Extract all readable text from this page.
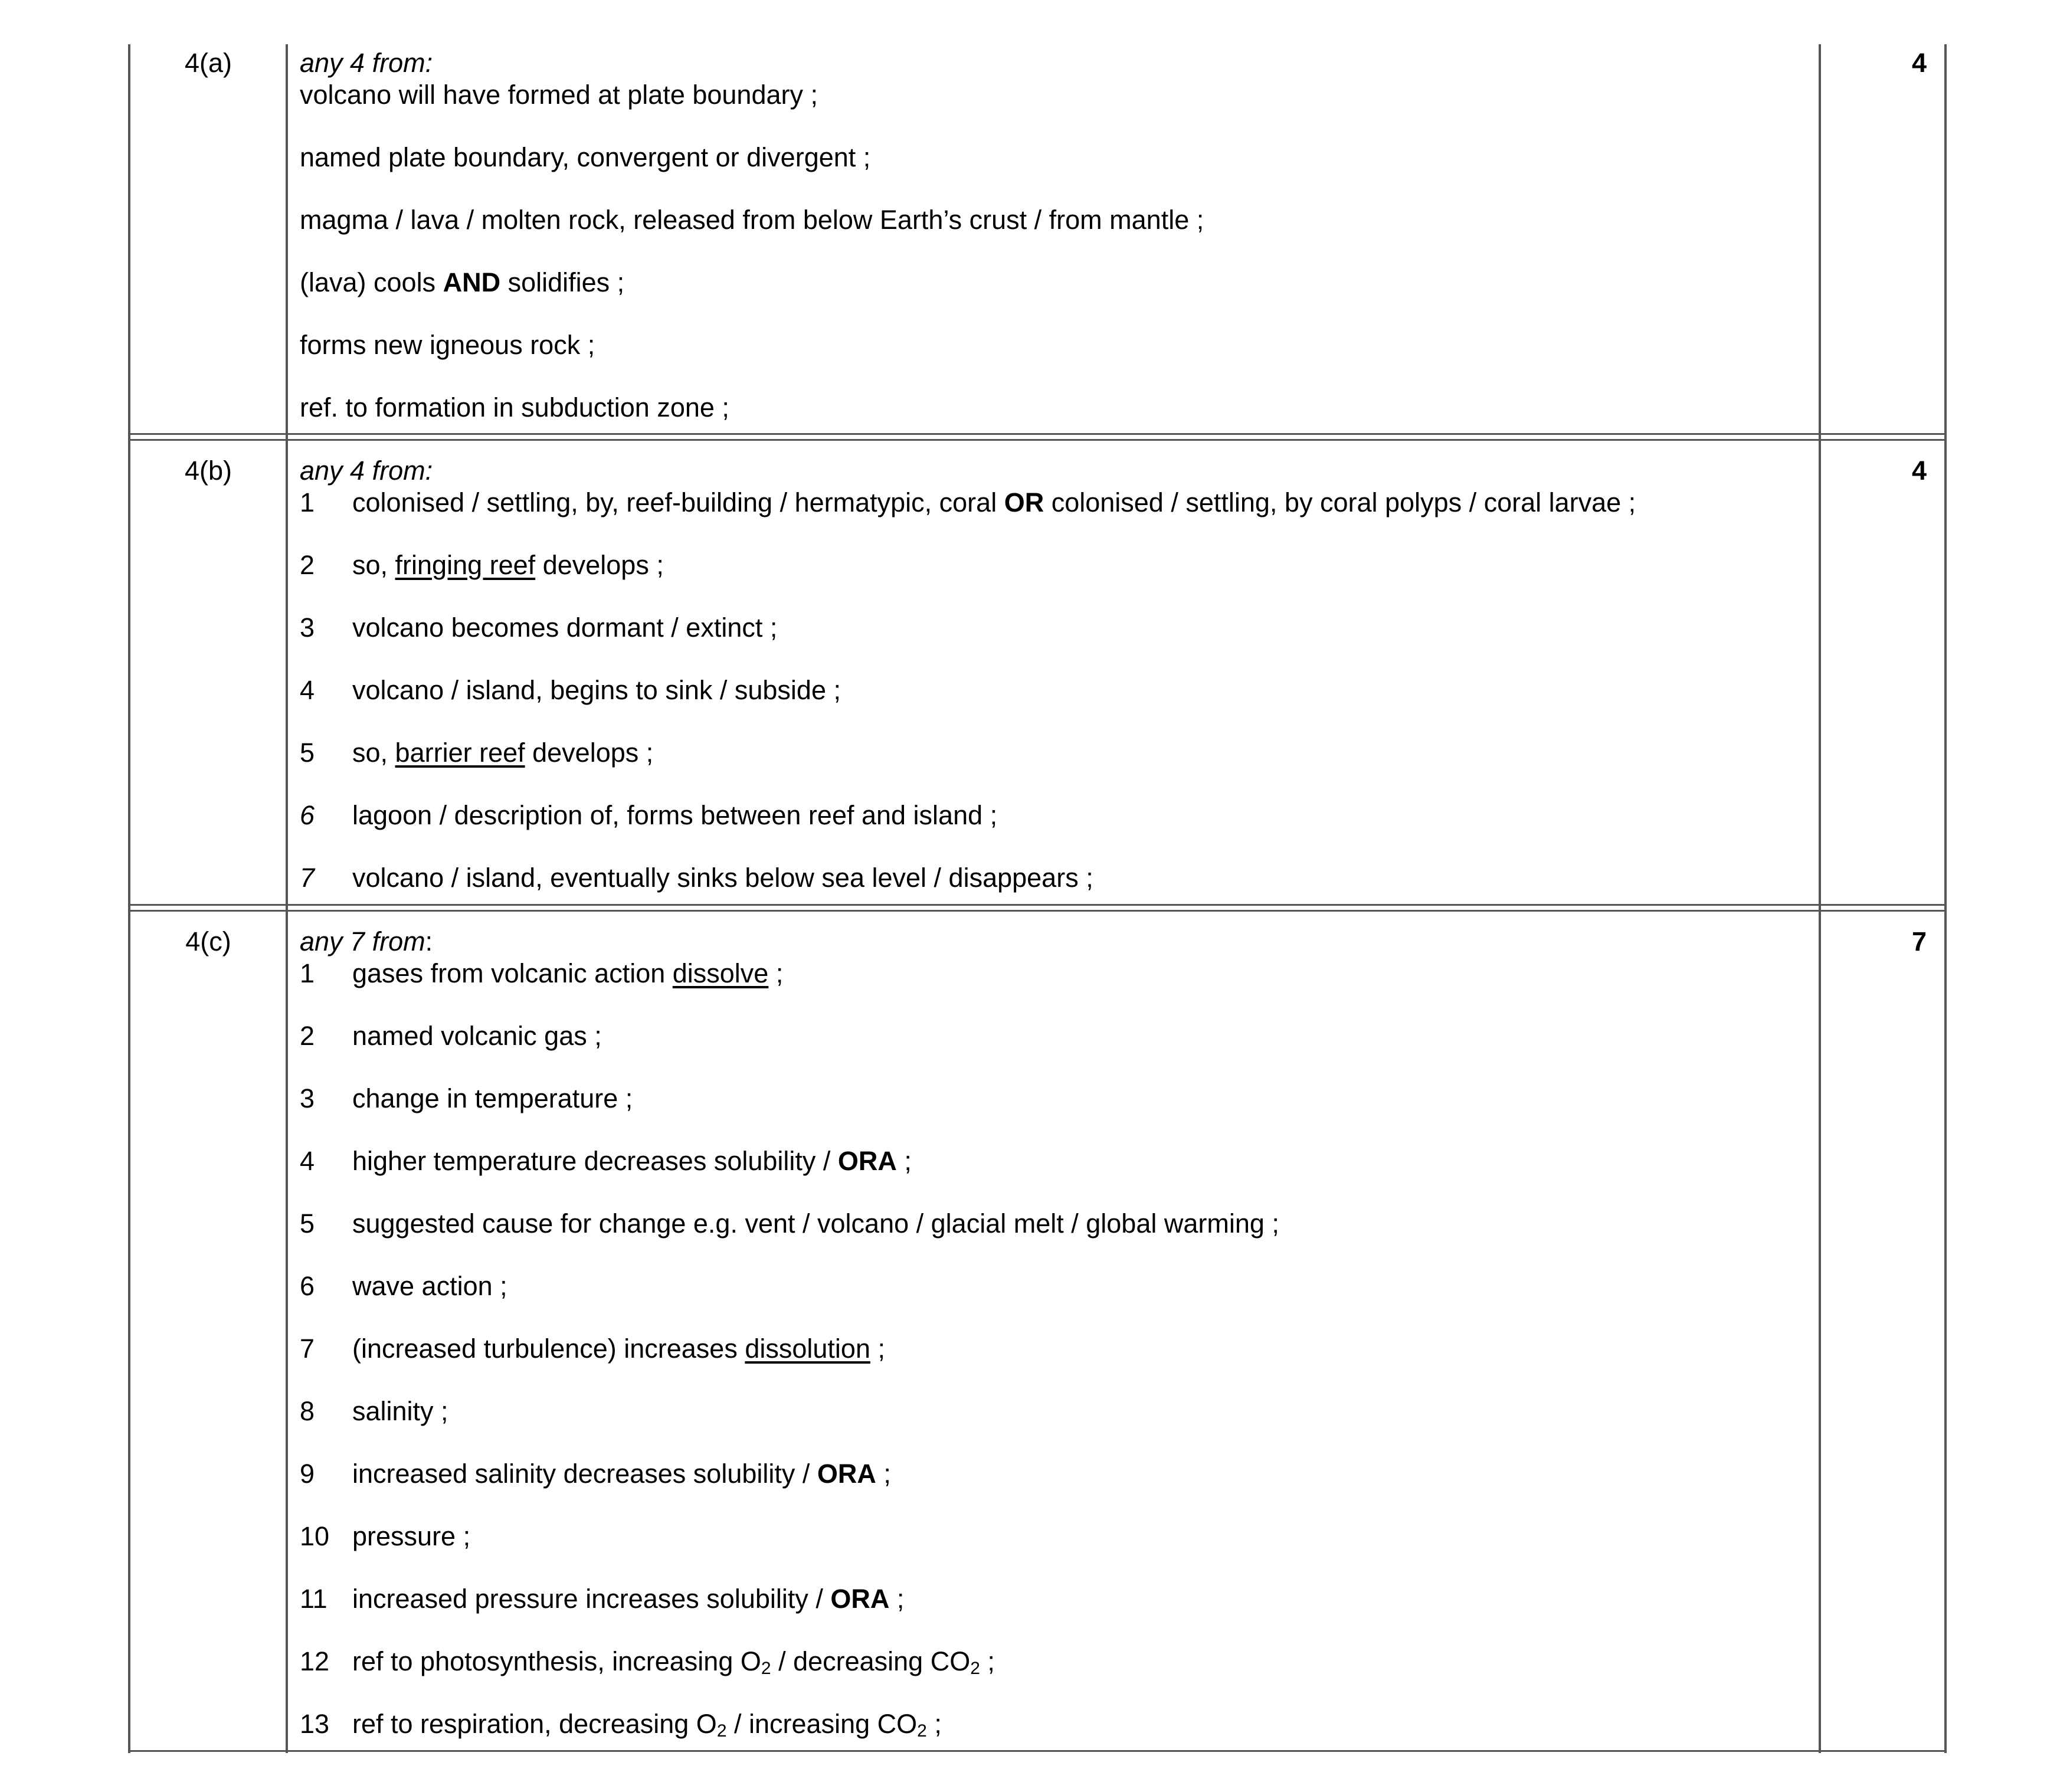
4(a)	4
any 4 from:
volcano will have formed at plate boundary ;
named plate boundary, convergent or divergent ;
magma / lava / molten rock, released from below Earth’s crust / from mantle ;
(lava) cools AND solidifies ;
forms new igneous rock ;
ref. to formation in subduction zone ;
4(b)	4
any 4 from:
1 colonised / settling, by, reef-building / hermatypic, coral OR colonised / settling, by coral polyps / coral larvae ;
2 so, fringing reef develops ;
3 volcano becomes dormant / extinct ;
4 volcano / island, begins to sink / subside ;
5 so, barrier reef develops ;
6 lagoon / description of, forms between reef and island ;
7 volcano / island, eventually sinks below sea level / disappears ;
4(c)	7
any 7 from:
1 gases from volcanic action dissolve ;
2 named volcanic gas ;
3 change in temperature ;
4 higher temperature decreases solubility / ORA ;
5 suggested cause for change e.g. vent / volcano / glacial melt / global warming ;
6 wave action ;
7 (increased turbulence) increases dissolution ;
8 salinity ;
9 increased salinity decreases solubility / ORA ;
10 pressure ;
11 increased pressure increases solubility / ORA ;
12 ref to photosynthesis, increasing $O_2$ / decreasing $CO_2$ ;
13 ref to respiration, decreasing $O_2$ / increasing $CO_2$ ;
